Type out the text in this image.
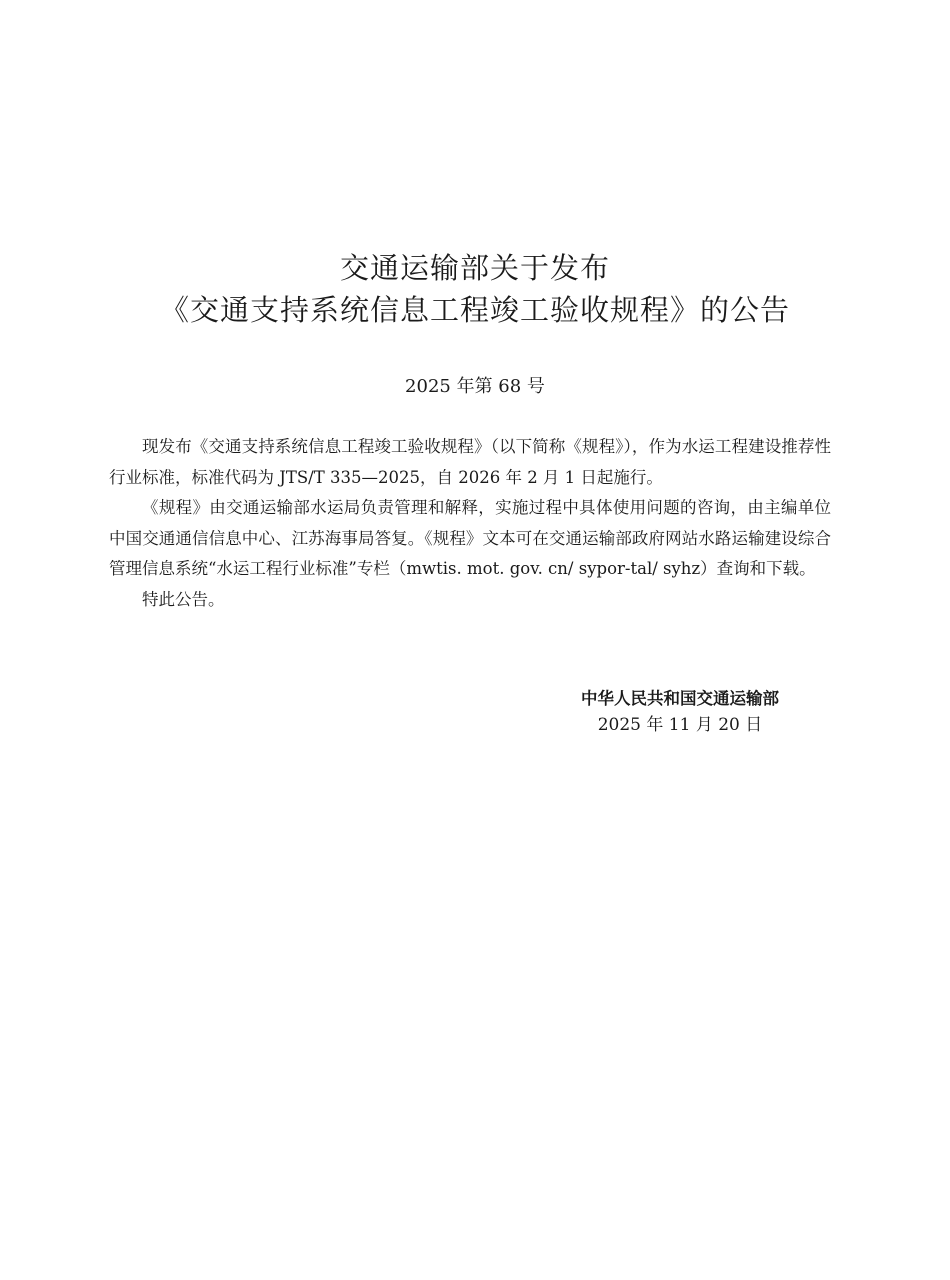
交通运输部关于发布
《交通支持系统信息工程竣工验收规程》的公告
2025 年第 68 号

现发布《交通支持系统信息工程竣工验收规程》（以下简称《规程》），作为水运工程建设推荐性行业标准，标准代码为 JTS/T 335—2025，自 2026 年 2 月 1 日起施行。

《规程》由交通运输部水运局负责管理和解释，实施过程中具体使用问题的咨询，由主编单位中国交通通信信息中心、江苏海事局答复。《规程》文本可在交通运输部政府网站水路运输建设综合管理信息系统“水运工程行业标准”专栏（mwtis. mot. gov. cn/ sypor-tal/ syhz）查询和下载。

特此公告。

中华人民共和国交通运输部
2025 年 11 月 20 日
